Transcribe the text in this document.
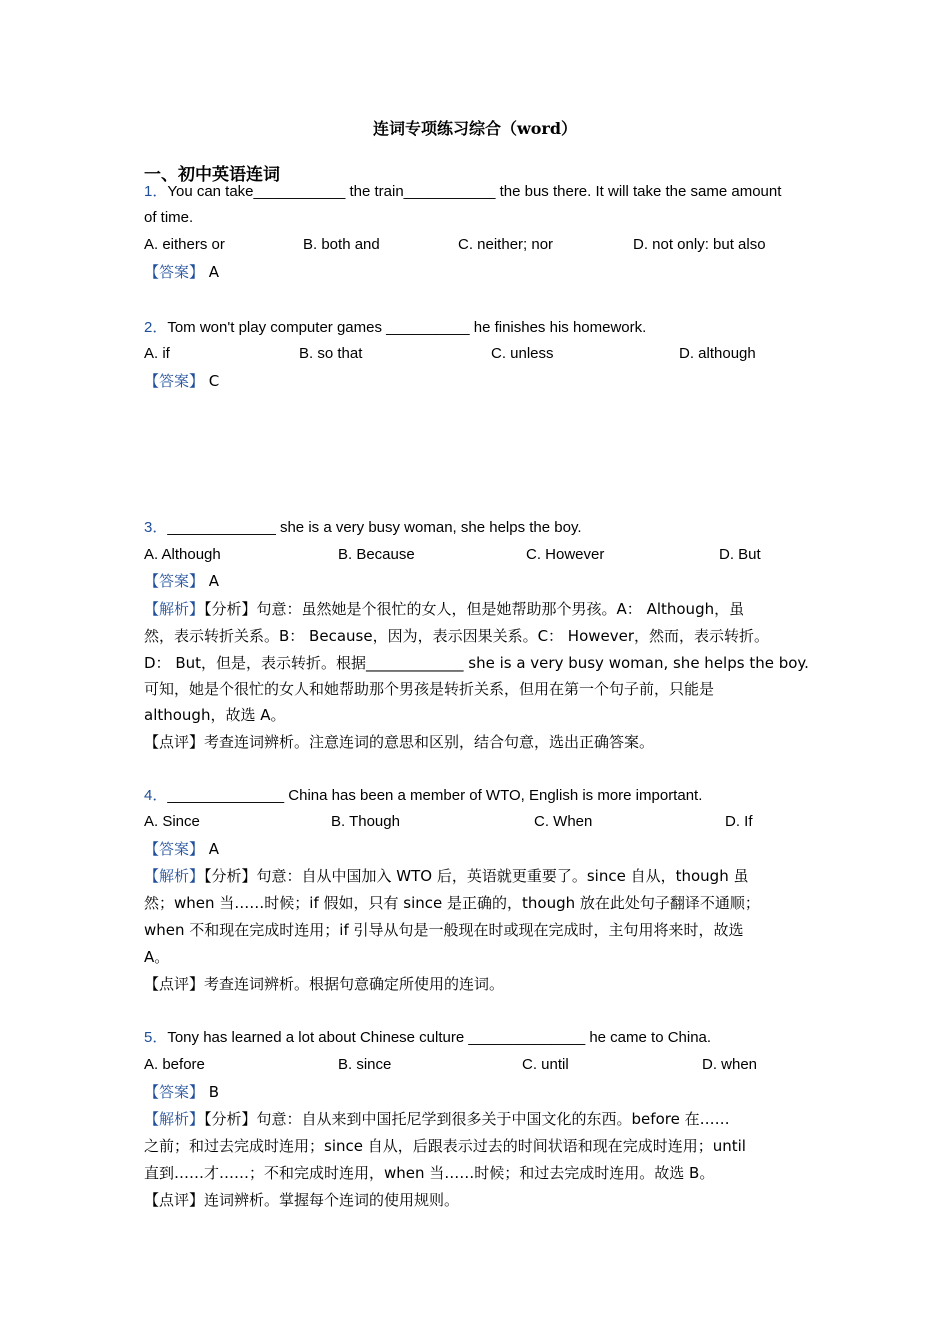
连词专项练习综合（word）
一、初中英语连词
1．You can take___________ the train___________ the bus there. It will take the same amount
of time.
A. eithers or	B. both and	C. neither; nor	D. not only: but also
【答案】 A
2．Tom won't play computer games __________ he finishes his homework.
A. if	B. so that	C. unless	D. although
【答案】 C
3．_____________ she is a very busy woman, she helps the boy.
A. Although	B. Because	C. However	D. But
【答案】 A
【解析】【分析】句意：虽然她是个很忙的女人，但是她帮助那个男孩。A： Although，虽
然，表示转折关系。B： Because，因为，表示因果关系。C： However，然而，表示转折。
D： But，但是，表示转折。根据_____________ she is a very busy woman, she helps the boy.
可知，她是个很忙的女人和她帮助那个男孩是转折关系，但用在第一个句子前，只能是
although，故选 A。
【点评】考查连词辨析。注意连词的意思和区别，结合句意，选出正确答案。
4．______________ China has been a member of WTO, English is more important.
A. Since	B. Though	C. When	D. If
【答案】 A
【解析】【分析】句意：自从中国加入 WTO 后，英语就更重要了。since 自从，though 虽
然；when 当……时候；if 假如，只有 since 是正确的，though 放在此处句子翻译不通顺；
when 不和现在完成时连用；if 引导从句是一般现在时或现在完成时，主句用将来时，故选
A。
【点评】考查连词辨析。根据句意确定所使用的连词。
5．Tony has learned a lot about Chinese culture ______________ he came to China.
A. before	B. since	C. until	D. when
【答案】 B
【解析】【分析】句意：自从来到中国托尼学到很多关于中国文化的东西。before 在……
之前；和过去完成时连用；since 自从，后跟表示过去的时间状语和现在完成时连用；until
直到……才……；不和完成时连用，when 当……时候；和过去完成时连用。故选 B。
【点评】连词辨析。掌握每个连词的使用规则。
